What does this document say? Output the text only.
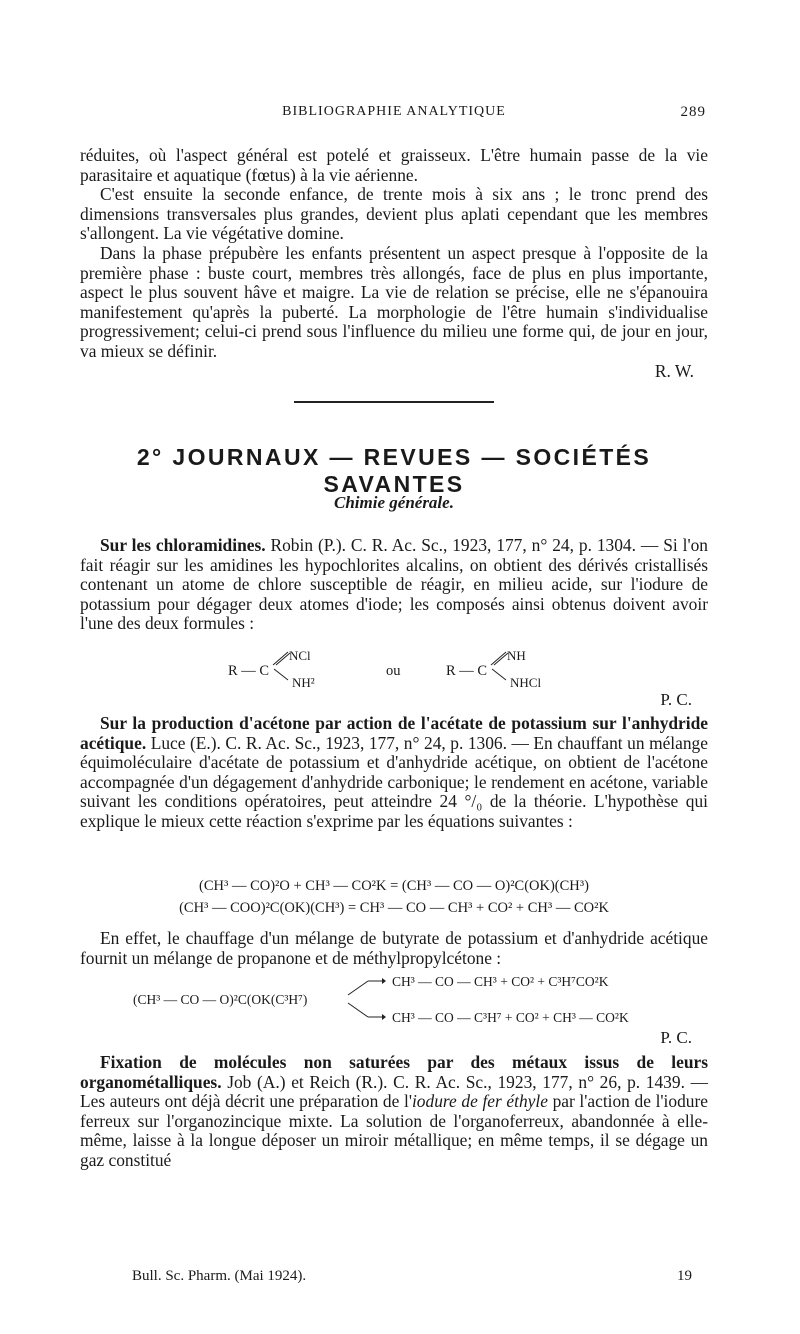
BIBLIOGRAPHIE ANALYTIQUE	289

réduites, où l'aspect général est potelé et graisseux. L'être humain passe de la vie parasitaire et aquatique (fœtus) à la vie aérienne.

C'est ensuite la seconde enfance, de trente mois à six ans ; le tronc prend des dimensions transversales plus grandes, devient plus aplati cependant que les membres s'allongent. La vie végétative domine.

Dans la phase prépubère les enfants présentent un aspect presque à l'opposite de la première phase : buste court, membres très allongés, face de plus en plus importante, aspect le plus souvent hâve et maigre. La vie de relation se précise, elle ne s'épanouira manifestement qu'après la puberté. La morphologie de l'être humain s'individualise progressivement; celui-ci prend sous l'influence du milieu une forme qui, de jour en jour, va mieux se définir.

R. W.

2° JOURNAUX — REVUES — SOCIÉTÉS SAVANTES
Chimie générale.

Sur les chloramidines. Robin (P.). C. R. Ac. Sc., 1923, 177, n° 24, p. 1304. — Si l'on fait réagir sur les amidines les hypochlorites alcalins, on obtient des dérivés cristallisés contenant un atome de chlore susceptible de réagir, en milieu acide, sur l'iodure de potassium pour dégager deux atomes d'iode; les composés ainsi obtenus doivent avoir l'une des deux formules :

NCl
R — C
NH²
ou	R — C
NH
NHCl
P. C.

Sur la production d'acétone par action de l'acétate de potassium sur l'anhydride acétique. Luce (E.). C. R. Ac. Sc., 1923, 177, n° 24, p. 1306. — En chauffant un mélange équimoléculaire d'acétate de potassium et d'anhydride acétique, on obtient de l'acétone accompagnée d'un dégagement d'anhydride carbonique; le rendement en acétone, variable suivant les conditions opératoires, peut atteindre 24 °/₀ de la théorie. L'hypothèse qui explique le mieux cette réaction s'exprime par les équations suivantes :

(CH³ — CO)²O + CH³ — CO²K = (CH³ — CO — O)²C(OK)(CH³)
(CH³ — COO)²C(OK)(CH³) = CH³ — CO — CH³ + CO² + CH³ — CO²K

En effet, le chauffage d'un mélange de butyrate de potassium et d'anhydride acétique fournit un mélange de propanone et de méthylpropylcétone :

(CH³ — CO — O)²C(OK(C³H⁷)
CH³ — CO — CH³ + CO² + C³H⁷CO²K
CH³ — CO — C³H⁷ + CO² + CH³ — CO²K
P. C.

Fixation de molécules non saturées par des métaux issus de leurs organométalliques. Job (A.) et Reich (R.). C. R. Ac. Sc., 1923, 177, n° 26, p. 1439. — Les auteurs ont déjà décrit une préparation de l'iodure de fer éthyle par l'action de l'iodure ferreux sur l'organozincique mixte. La solution de l'organoferreux, abandonnée à elle-même, laisse à la longue déposer un miroir métallique; en même temps, il se dégage un gaz constitué

Bull. Sc. Pharm. (Mai 1924).	19
